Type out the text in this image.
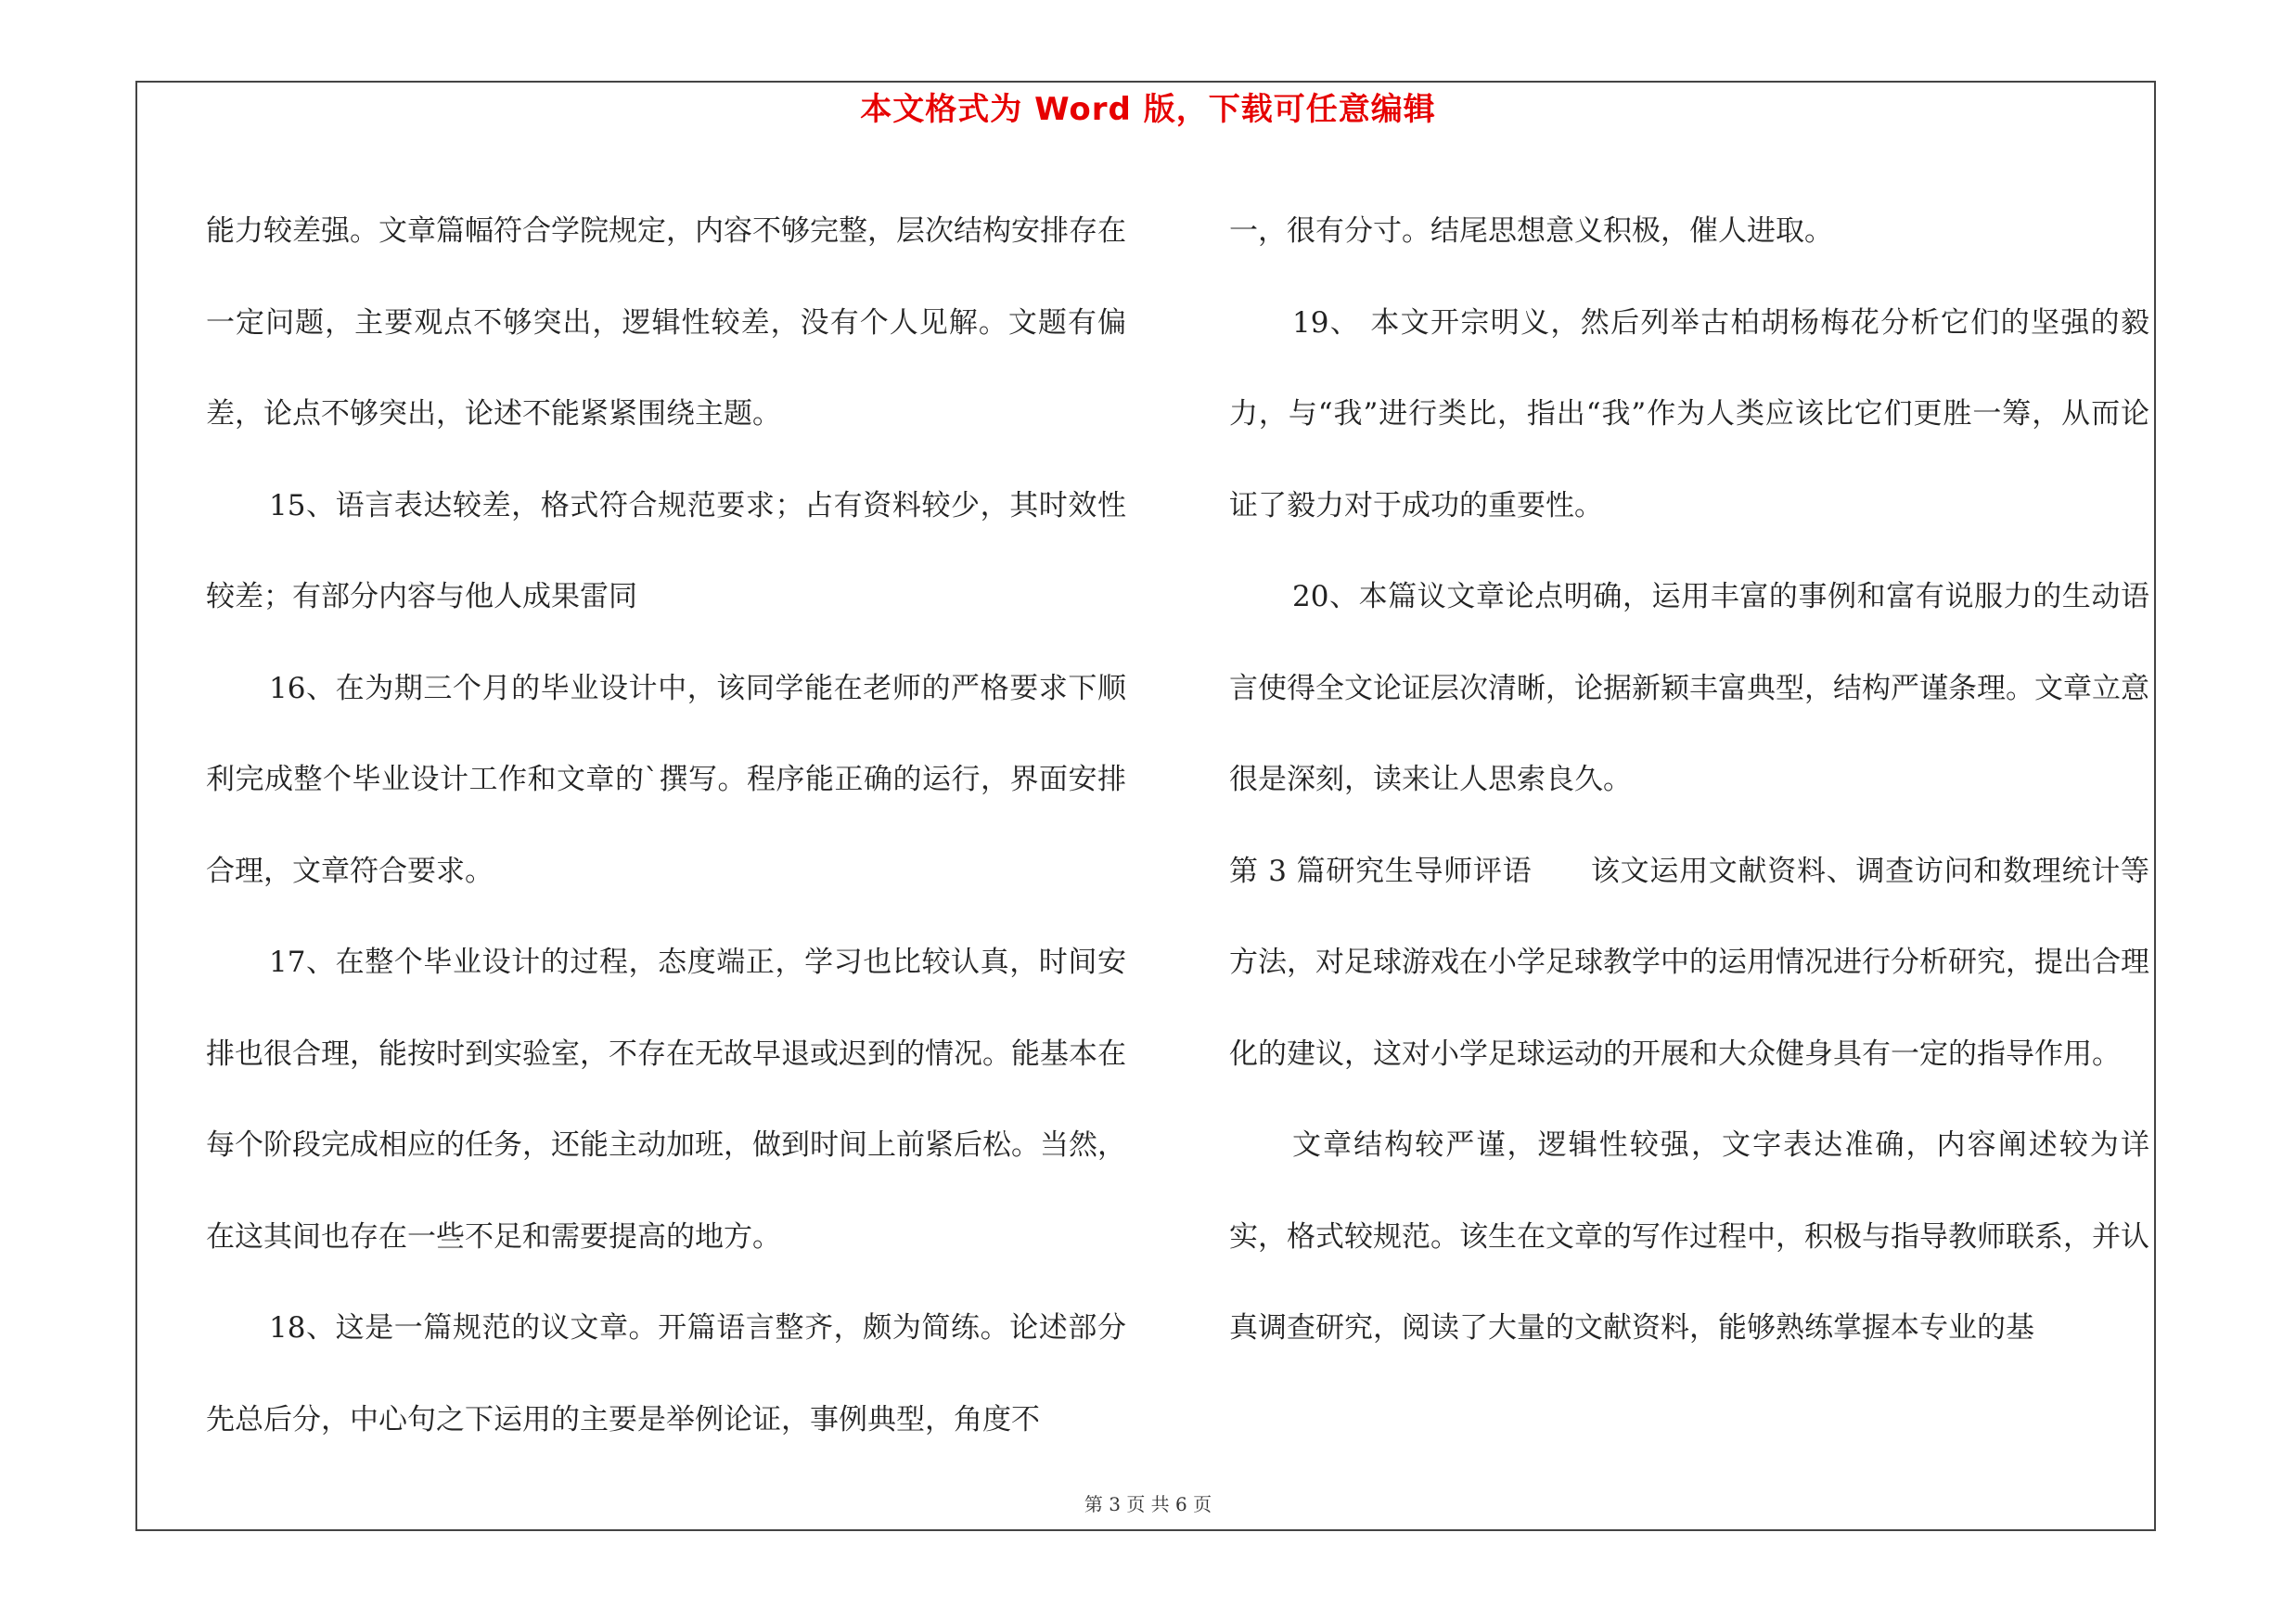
本文格式为 Word 版，下载可任意编辑

能力较差强。文章篇幅符合学院规定，内容不够完整，层次结构安排存在一定问题，主要观点不够突出，逻辑性较差，没有个人见解。文题有偏差，论点不够突出，论述不能紧紧围绕主题。

15、语言表达较差，格式符合规范要求；占有资料较少，其时效性较差；有部分内容与他人成果雷同

16、在为期三个月的毕业设计中，该同学能在老师的严格要求下顺利完成整个毕业设计工作和文章的`撰写。程序能正确的运行，界面安排合理，文章符合要求。

17、在整个毕业设计的过程，态度端正，学习也比较认真，时间安排也很合理，能按时到实验室，不存在无故早退或迟到的情况。能基本在每个阶段完成相应的任务，还能主动加班，做到时间上前紧后松。当然，在这其间也存在一些不足和需要提高的地方。

18、这是一篇规范的议文章。开篇语言整齐，颇为简练。论述部分先总后分，中心句之下运用的主要是举例论证，事例典型，角度不

一，很有分寸。结尾思想意义积极，催人进取。

19、 本文开宗明义，然后列举古柏胡杨梅花分析它们的坚强的毅力，与“我”进行类比，指出“我”作为人类应该比它们更胜一筹，从而论证了毅力对于成功的重要性。

20、本篇议文章论点明确，运用丰富的事例和富有说服力的生动语言使得全文论证层次清晰，论据新颖丰富典型，结构严谨条理。文章立意很是深刻，读来让人思索良久。

第 3 篇研究生导师评语　　该文运用文献资料、调查访问和数理统计等方法，对足球游戏在小学足球教学中的运用情况进行分析研究，提出合理化的建议，这对小学足球运动的开展和大众健身具有一定的指导作用。

文章结构较严谨，逻辑性较强，文字表达准确，内容阐述较为详实，格式较规范。该生在文章的写作过程中，积极与指导教师联系，并认真调查研究，阅读了大量的文献资料，能够熟练掌握本专业的基

第 3 页 共 6 页
